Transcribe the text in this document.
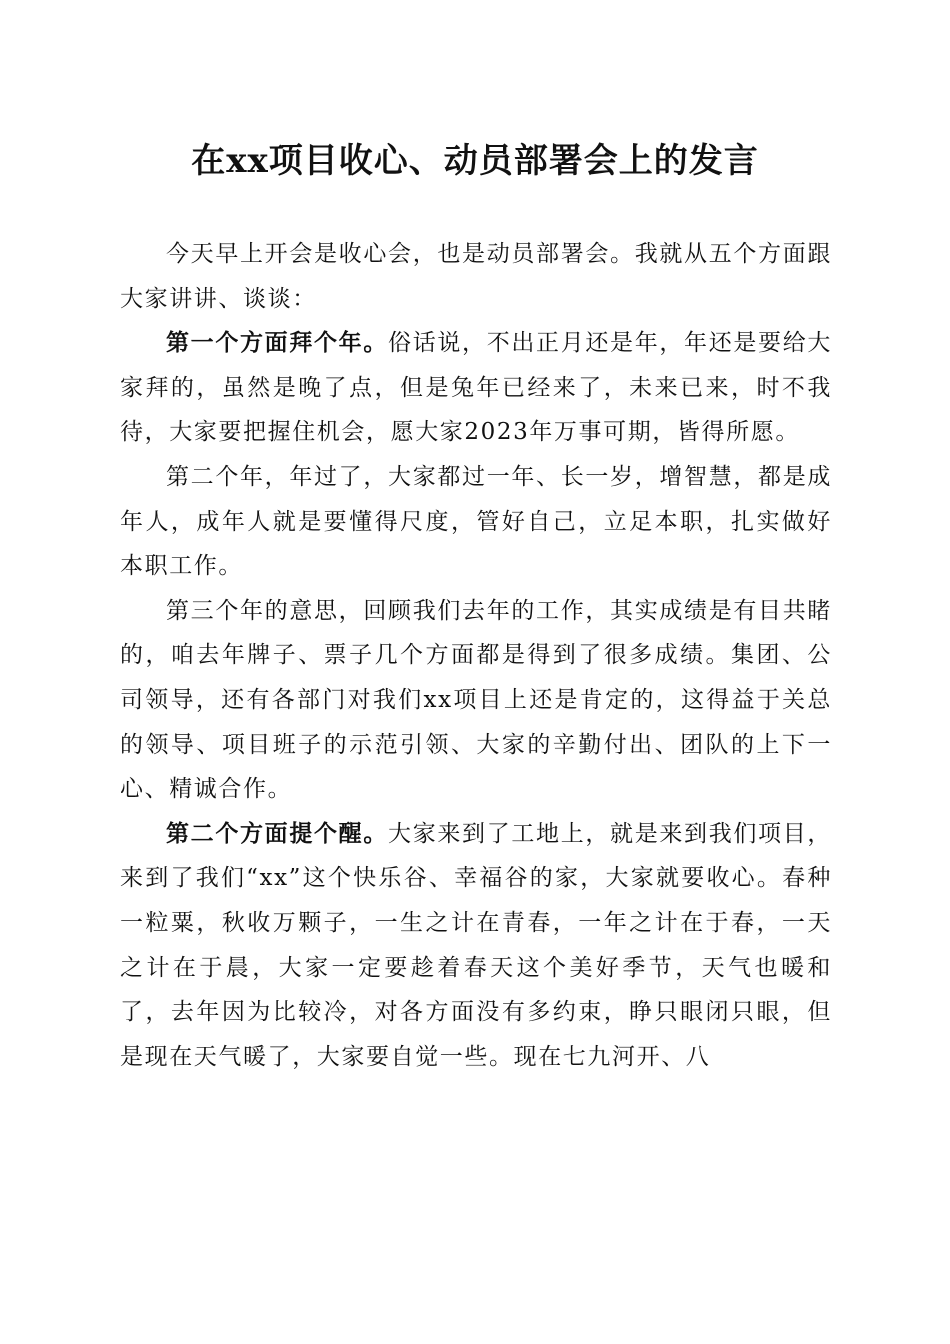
在xx项目收心、动员部署会上的发言

今天早上开会是收心会，也是动员部署会。我就从五个方面跟大家讲讲、谈谈：

第一个方面拜个年。俗话说，不出正月还是年，年还是要给大家拜的，虽然是晚了点，但是兔年已经来了，未来已来，时不我待，大家要把握住机会，愿大家2023年万事可期，皆得所愿。

第二个年，年过了，大家都过一年、长一岁，增智慧，都是成年人，成年人就是要懂得尺度，管好自己，立足本职，扎实做好本职工作。

第三个年的意思，回顾我们去年的工作，其实成绩是有目共睹的，咱去年牌子、票子几个方面都是得到了很多成绩。集团、公司领导，还有各部门对我们xx项目上还是肯定的，这得益于关总的领导、项目班子的示范引领、大家的辛勤付出、团队的上下一心、精诚合作。

第二个方面提个醒。大家来到了工地上，就是来到我们项目，来到了我们“xx”这个快乐谷、幸福谷的家，大家就要收心。春种一粒粟，秋收万颗子，一生之计在青春，一年之计在于春，一天之计在于晨，大家一定要趁着春天这个美好季节，天气也暖和了，去年因为比较冷，对各方面没有多约束，睁只眼闭只眼，但是现在天气暖了，大家要自觉一些。现在七九河开、八
